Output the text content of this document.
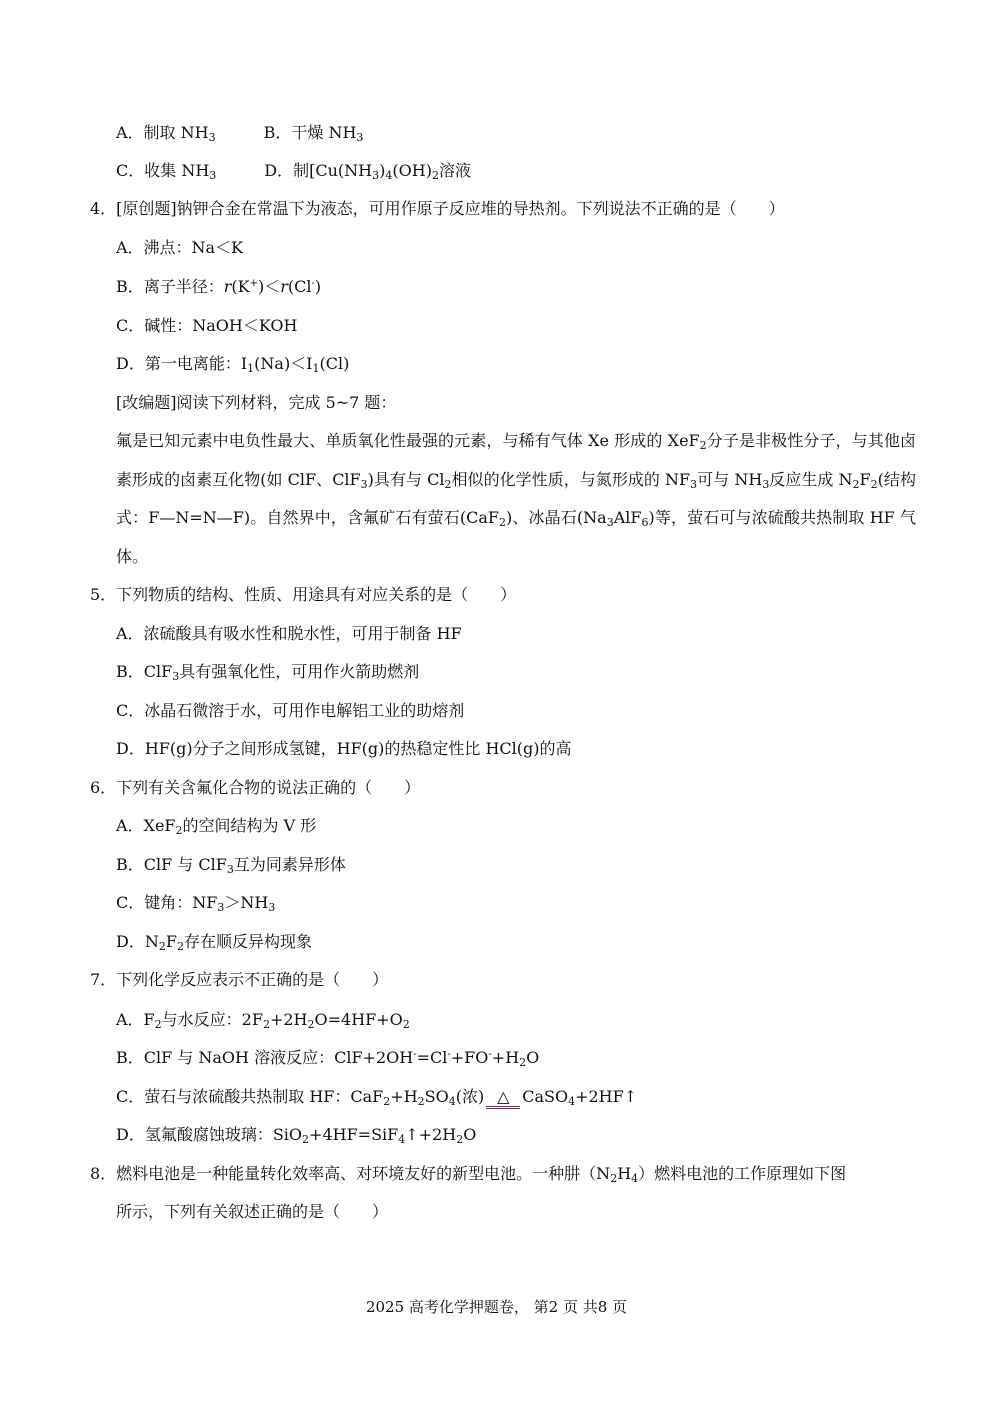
A．制取 $NH_3$	B．干燥 $NH_3$
C．收集 $NH_3$	D．制[$Cu(NH_3)_4(OH)_2$溶液
4．[原创题]钠钾合金在常温下为液态，可用作原子反应堆的导热剂。下列说法不正确的是（　　）
A．沸点：Na＜K
B．离子半径：r(K+)＜r(Cl-)
C．碱性：NaOH＜KOH
D．第一电离能：$I_1(Na)<I_1(Cl)$
[改编题]阅读下列材料，完成 5~7 题：
氟是已知元素中电负性最大、单质氧化性最强的元素，与稀有气体 Xe 形成的 XeF$_2$分子是非极性分子，与其他卤素形成的卤素互化物(如 ClF、ClF$_3$)具有与 $Cl_2$相似的化学性质，与氮形成的 $NF_3$可与 $NH_3$反应生成 $N_2F_2$(结构式：F—N=N—F)。自然界中，含氟矿石有萤石(CaF$_2$)、冰晶石$(Na_3AlF_6)$等，萤石可与浓硫酸共热制取 HF 气体。
5．下列物质的结构、性质、用途具有对应关系的是（　　）
A．浓硫酸具有吸水性和脱水性，可用于制备 HF
B．ClF$_3$具有强氧化性，可用作火箭助燃剂
C．冰晶石微溶于水，可用作电解铝工业的助熔剂
D．HF(g)分子之间形成氢键，HF(g)的热稳定性比 HCl(g)的高
6．下列有关含氟化合物的说法正确的（　　）
A．XeF$_2$的空间结构为 V 形
B．ClF 与 ClF$_3$互为同素异形体
C．键角：$NF_3>NH_3$
D．$N_2F_2$存在顺反异构现象
7．下列化学反应表示不正确的是（　　）
A．$F_2$与水反应：$2F_2+2H_2O=4HF+O_2$
B．ClF 与 NaOH 溶液反应：$ClF+2OH^-=Cl^-+FO^-+H_2O$
C．萤石与浓硫酸共热制取 HF：$CaF_2+H_2SO_4$(浓) △ CaSO$_4$+2HF↑
D．氢氟酸腐蚀玻璃：$SiO_2+4HF=SiF_4↑+2H_2O$
8．燃料电池是一种能量转化效率高、对环境友好的新型电池。一种肼$(N_2H_4)$燃料电池的工作原理如下图
所示，下列有关叙述正确的是（　　）
2025 高考化学押题卷， 第2 页 共8 页
